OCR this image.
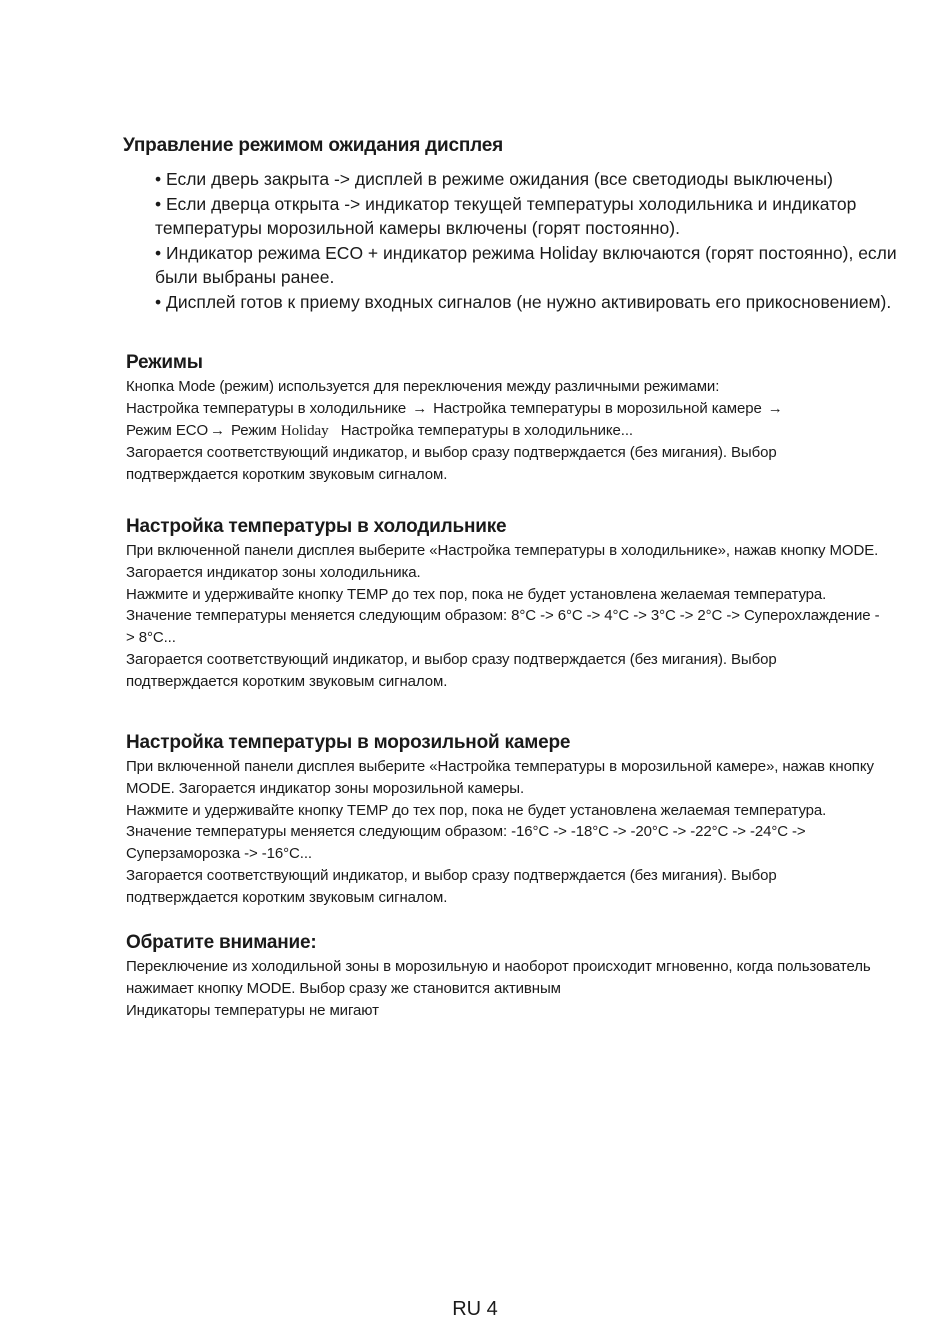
Управление режимом ожидания дисплея
• Если дверь закрыта -> дисплей в режиме ожидания (все светодиоды выключены)
• Если дверца открыта -> индикатор текущей температуры холодильника и индикатор температуры морозильной камеры включены (горят постоянно).
• Индикатор режима ECO + индикатор режима Holiday включаются (горят постоянно), если были выбраны ранее.
• Дисплей готов к приему входных сигналов (не нужно активировать его прикосновением).
Режимы
Кнопка Mode (режим) используется для переключения между различными режимами:
Настройка температуры в холодильнике → Настройка температуры в морозильной камере →
Режим ECO → Режим Holiday Настройка температуры в холодильнике...
Загорается соответствующий индикатор, и выбор сразу подтверждается (без мигания). Выбор подтверждается коротким звуковым сигналом.
Настройка температуры в холодильнике
При включенной панели дисплея выберите «Настройка температуры в холодильнике», нажав кнопку MODE. Загорается индикатор зоны холодильника.
Нажмите и удерживайте кнопку TEMP до тех пор, пока не будет установлена желаемая температура.
Значение температуры меняется следующим образом: 8°C -> 6°C -> 4°C -> 3°C -> 2°C -> Суперохлаждение -> 8°C...
Загорается соответствующий индикатор, и выбор сразу подтверждается (без мигания). Выбор подтверждается коротким звуковым сигналом.
Настройка температуры в морозильной камере
При включенной панели дисплея выберите «Настройка температуры в морозильной камере», нажав кнопку MODE. Загорается индикатор зоны морозильной камеры.
Нажмите и удерживайте кнопку TEMP до тех пор, пока не будет установлена желаемая температура. Значение температуры меняется следующим образом: -16°C -> -18°C -> -20°C -> -22°C -> -24°C -> Суперзаморозка -> -16°C...
Загорается соответствующий индикатор, и выбор сразу подтверждается (без мигания). Выбор подтверждается коротким звуковым сигналом.
Обратите внимание:
Переключение из холодильной зоны в морозильную и наоборот происходит мгновенно, когда пользователь нажимает кнопку MODE. Выбор сразу же становится активным
Индикаторы температуры не мигают
RU 4
